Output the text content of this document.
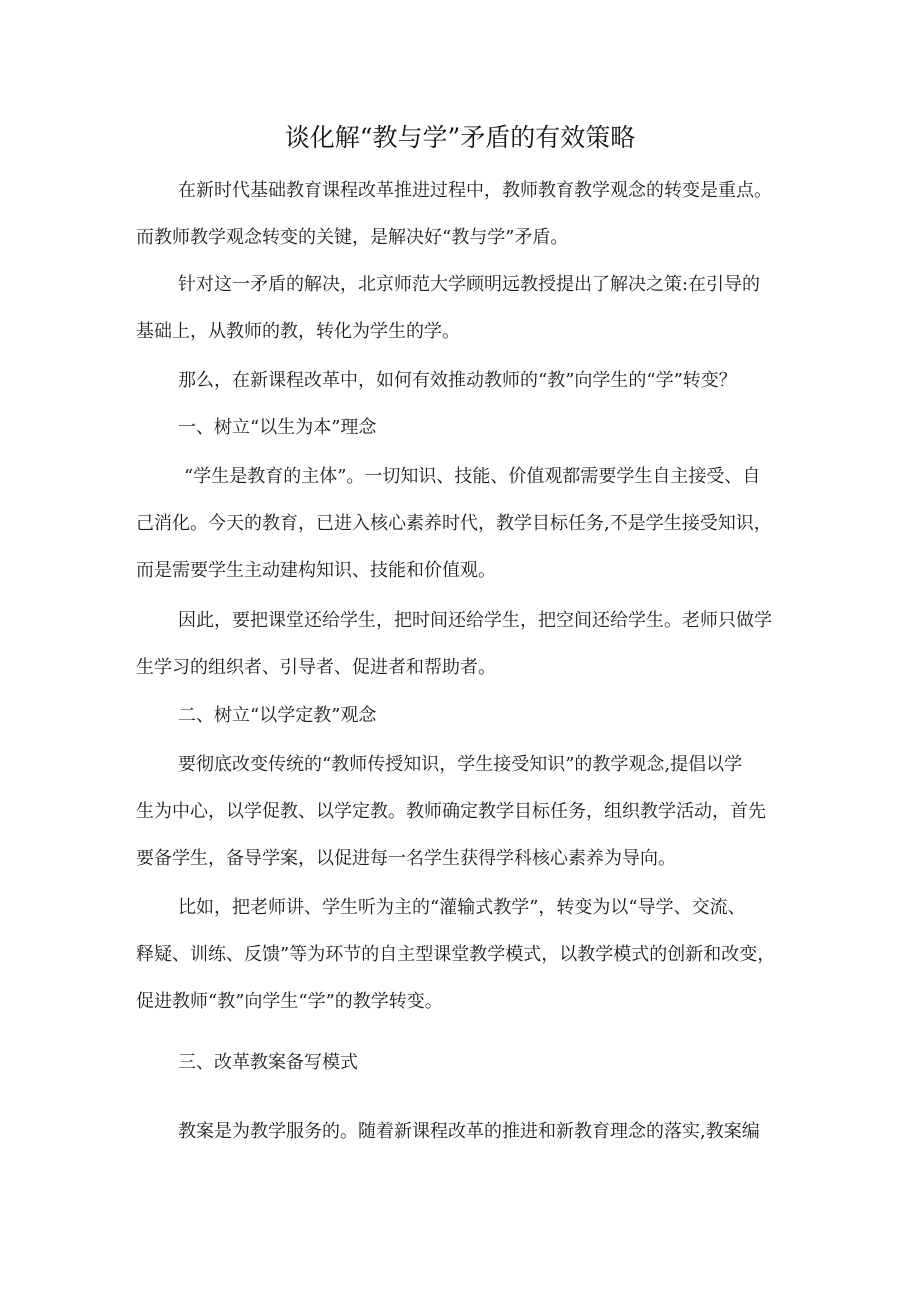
谈化解“教与学”矛盾的有效策略
在新时代基础教育课程改革推进过程中，教师教育教学观念的转变是重点。
而教师教学观念转变的关键，是解决好“教与学”矛盾。
针对这一矛盾的解决，北京师范大学顾明远教授提出了解决之策:在引导的
基础上，从教师的教，转化为学生的学。
那么，在新课程改革中，如何有效推动教师的“教”向学生的“学”转变？
一、树立“以生为本”理念
“学生是教育的主体”。一切知识、技能、价值观都需要学生自主接受、自
己消化。今天的教育，已进入核心素养时代，教学目标任务,不是学生接受知识，
而是需要学生主动建构知识、技能和价值观。
因此，要把课堂还给学生，把时间还给学生，把空间还给学生。老师只做学
生学习的组织者、引导者、促进者和帮助者。
二、树立“以学定教”观念
要彻底改变传统的“教师传授知识，学生接受知识”的教学观念,提倡以学
生为中心，以学促教、以学定教。教师确定教学目标任务，组织教学活动，首先
要备学生，备导学案，以促进每一名学生获得学科核心素养为导向。
比如，把老师讲、学生听为主的“灌输式教学”，转变为以“导学、交流、
释疑、训练、反馈”等为环节的自主型课堂教学模式，以教学模式的创新和改变，
促进教师“教”向学生“学”的教学转变。
三、改革教案备写模式
教案是为教学服务的。随着新课程改革的推进和新教育理念的落实,教案编
